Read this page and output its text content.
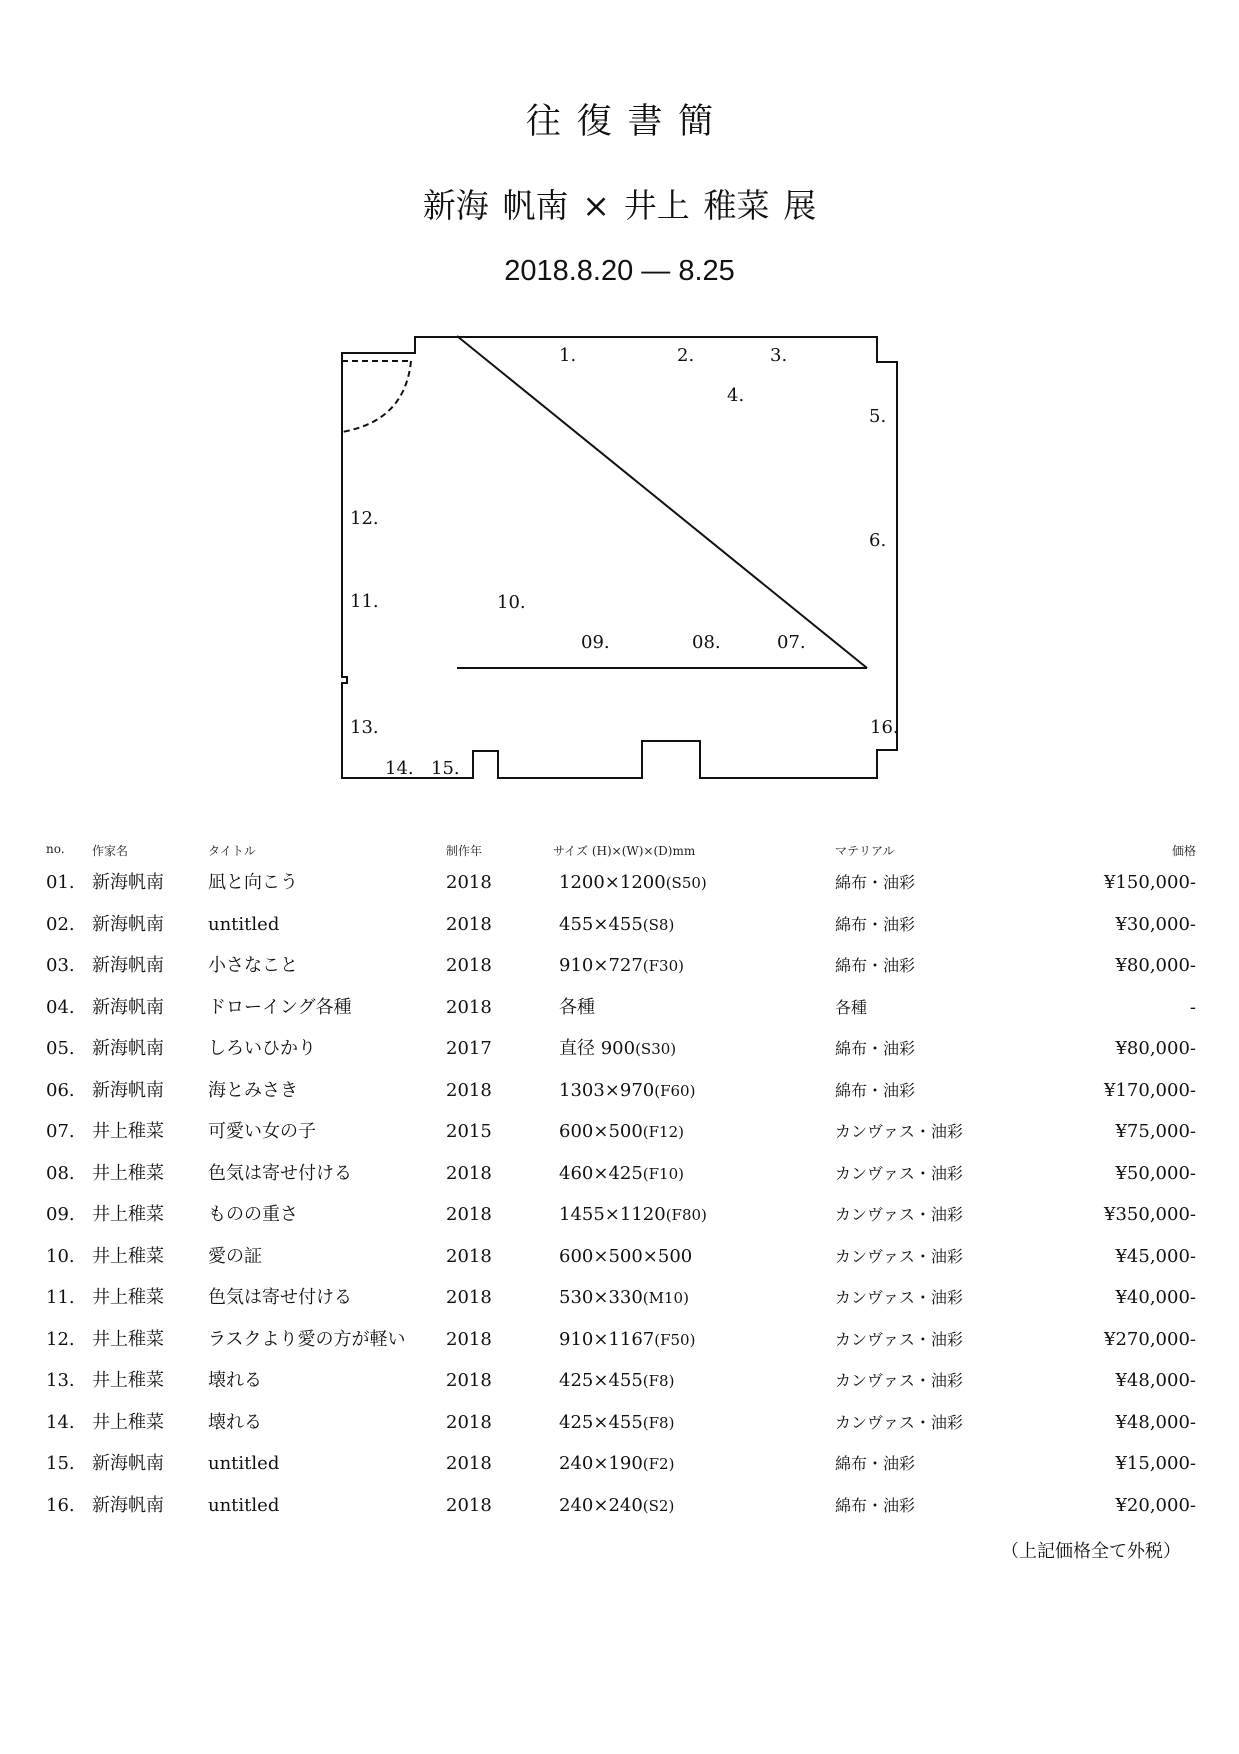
往復書簡
新海 帆南 × 井上 稚菜 展
2018.8.20 — 8.25
1.	2.	3.
4.
5.
6.
07.
08.
09.
10.
11.
12.
13.
14. 15.
16.
no. 作家名	タイトル	制作年	サイズ (H)×(W)×(D)mm	マテリアル	価格
01. 新海帆南 凪と向こう	2018	1200×1200(S50)	綿布・油彩	¥150,000-
02. 新海帆南 untitled	2018	455×455(S8)	綿布・油彩	¥30,000-
03. 新海帆南 小さなこと	2018	910×727(F30)	綿布・油彩	¥80,000-
04. 新海帆南 ドローイング各種	2018	各種	各種	-
05. 新海帆南 しろいひかり	2017	直径 900(S30)	綿布・油彩	¥80,000-
06. 新海帆南 海とみさき	2018	1303×970(F60)	綿布・油彩	¥170,000-
07. 井上稚菜 可愛い女の子	2015	600×500(F12)	カンヴァス・油彩	¥75,000-
08. 井上稚菜 色気は寄せ付ける	2018	460×425(F10)	カンヴァス・油彩	¥50,000-
09. 井上稚菜 ものの重さ	2018	1455×1120(F80)	カンヴァス・油彩	¥350,000-
10. 井上稚菜 愛の証	2018	600×500×500	カンヴァス・油彩	¥45,000-
11. 井上稚菜 色気は寄せ付ける	2018	530×330(M10)	カンヴァス・油彩	¥40,000-
12. 井上稚菜 ラスクより愛の方が軽い 2018	910×1167(F50)	カンヴァス・油彩	¥270,000-
13. 井上稚菜 壊れる	2018	425×455(F8)	カンヴァス・油彩	¥48,000-
14. 井上稚菜 壊れる	2018	425×455(F8)	カンヴァス・油彩	¥48,000-
15. 新海帆南 untitled	2018	240×190(F2)	綿布・油彩	¥15,000-
16. 新海帆南 untitled	2018	240×240(S2)	綿布・油彩	¥20,000-
（上記価格全て外税）
